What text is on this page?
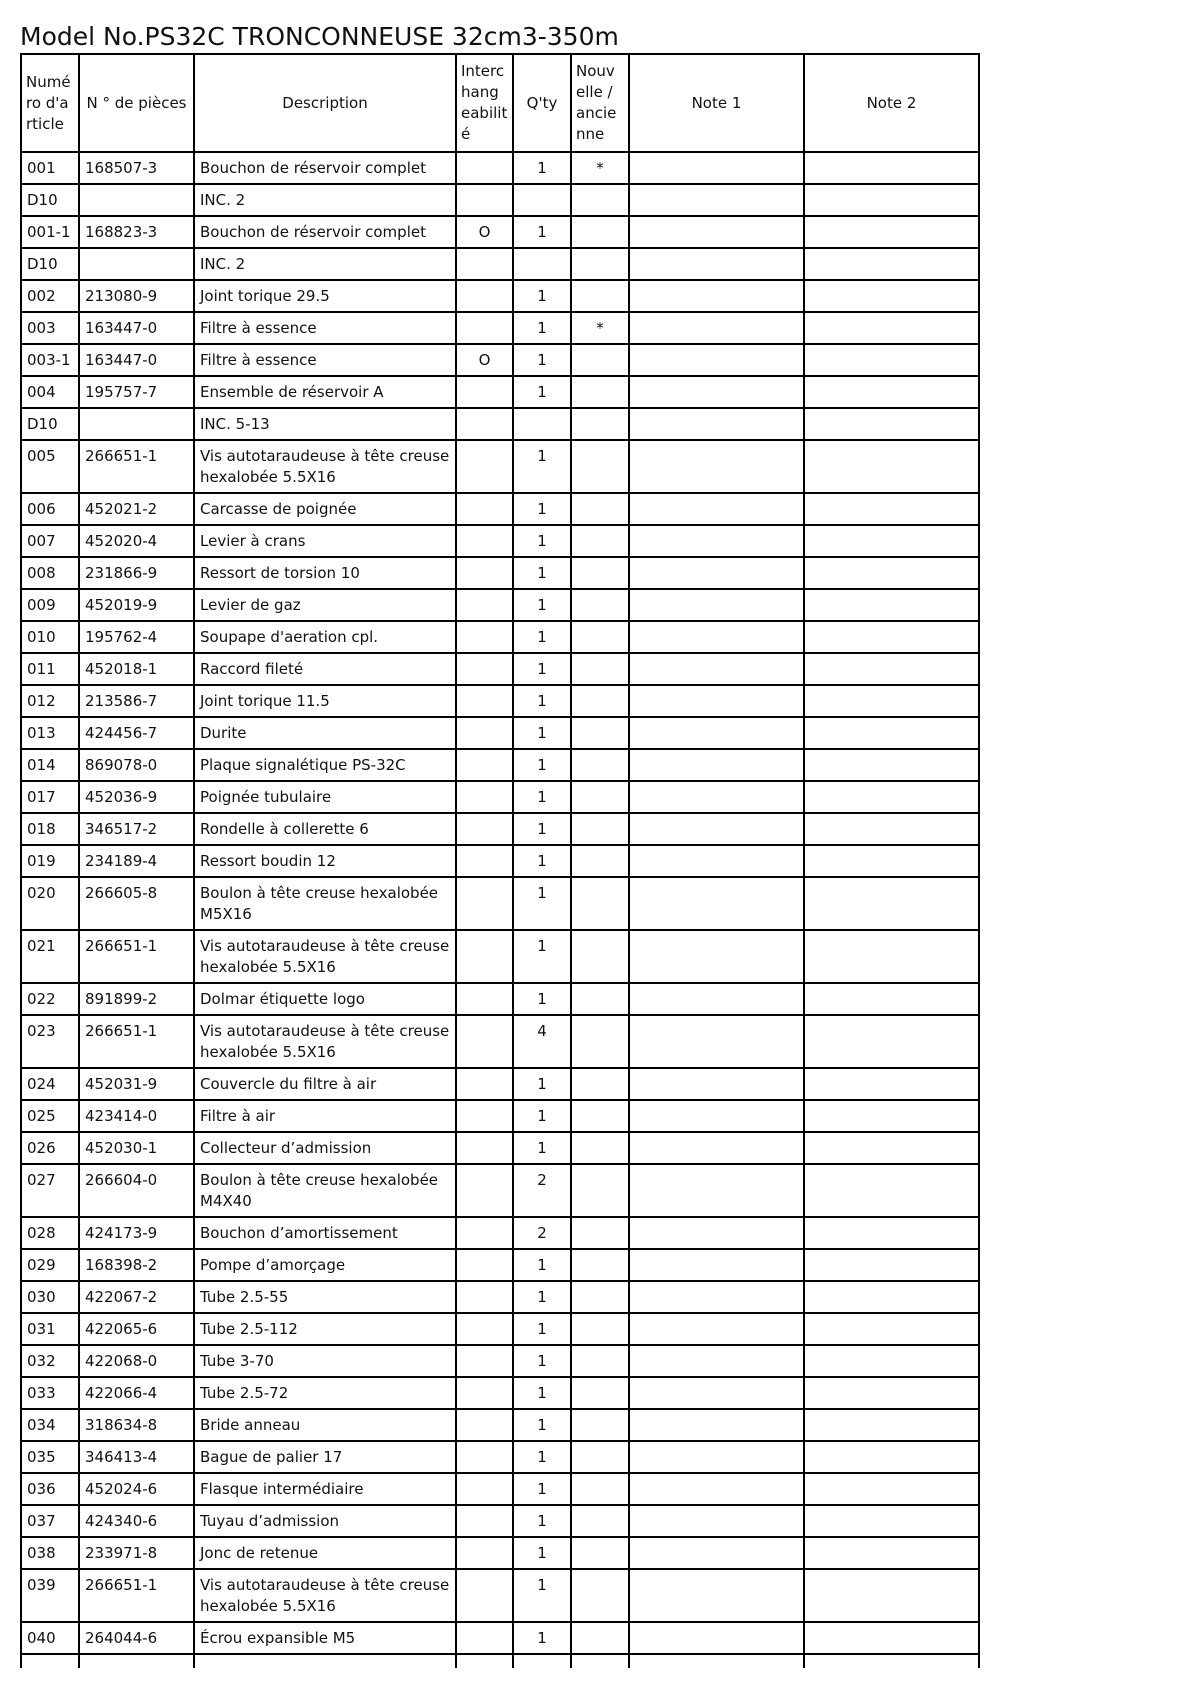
Model No.PS32C TRONCONNEUSE 32cm3-350m
Numé
ro d'a
rticle	N ° de pièces	Description	Interc
hang
eabilit
é	Q'ty	Nouv
elle /
ancie
nne	Note 1	Note 2
001	168507-3	Bouchon de réservoir complet		1	*		
D10		INC. 2					
001-1	168823-3	Bouchon de réservoir complet	O	1			
D10		INC. 2					
002	213080-9	Joint torique 29.5		1			
003	163447-0	Filtre à essence		1	*		
003-1	163447-0	Filtre à essence	O	1			
004	195757-7	Ensemble de réservoir A		1			
D10		INC. 5-13					
005	266651-1	Vis autotaraudeuse à tête creuse
hexalobée 5.5X16		1			
006	452021-2	Carcasse de poignée		1			
007	452020-4	Levier à crans		1			
008	231866-9	Ressort de torsion 10		1			
009	452019-9	Levier de gaz		1			
010	195762-4	Soupape d'aeration cpl.		1			
011	452018-1	Raccord fileté		1			
012	213586-7	Joint torique 11.5		1			
013	424456-7	Durite		1			
014	869078-0	Plaque signalétique PS-32C		1			
017	452036-9	Poignée tubulaire		1			
018	346517-2	Rondelle à collerette 6		1			
019	234189-4	Ressort boudin 12		1			
020	266605-8	Boulon à tête creuse hexalobée
M5X16		1			
021	266651-1	Vis autotaraudeuse à tête creuse
hexalobée 5.5X16		1			
022	891899-2	Dolmar étiquette logo		1			
023	266651-1	Vis autotaraudeuse à tête creuse
hexalobée 5.5X16		4			
024	452031-9	Couvercle du filtre à air		1			
025	423414-0	Filtre à air		1			
026	452030-1	Collecteur d’admission		1			
027	266604-0	Boulon à tête creuse hexalobée
M4X40		2			
028	424173-9	Bouchon d’amortissement		2			
029	168398-2	Pompe d’amorçage		1			
030	422067-2	Tube 2.5-55		1			
031	422065-6	Tube 2.5-112		1			
032	422068-0	Tube 3-70		1			
033	422066-4	Tube 2.5-72		1			
034	318634-8	Bride anneau		1			
035	346413-4	Bague de palier 17		1			
036	452024-6	Flasque intermédiaire		1			
037	424340-6	Tuyau d’admission		1			
038	233971-8	Jonc de retenue		1			
039	266651-1	Vis autotaraudeuse à tête creuse
hexalobée 5.5X16		1			
040	264044-6	Écrou expansible M5		1			
